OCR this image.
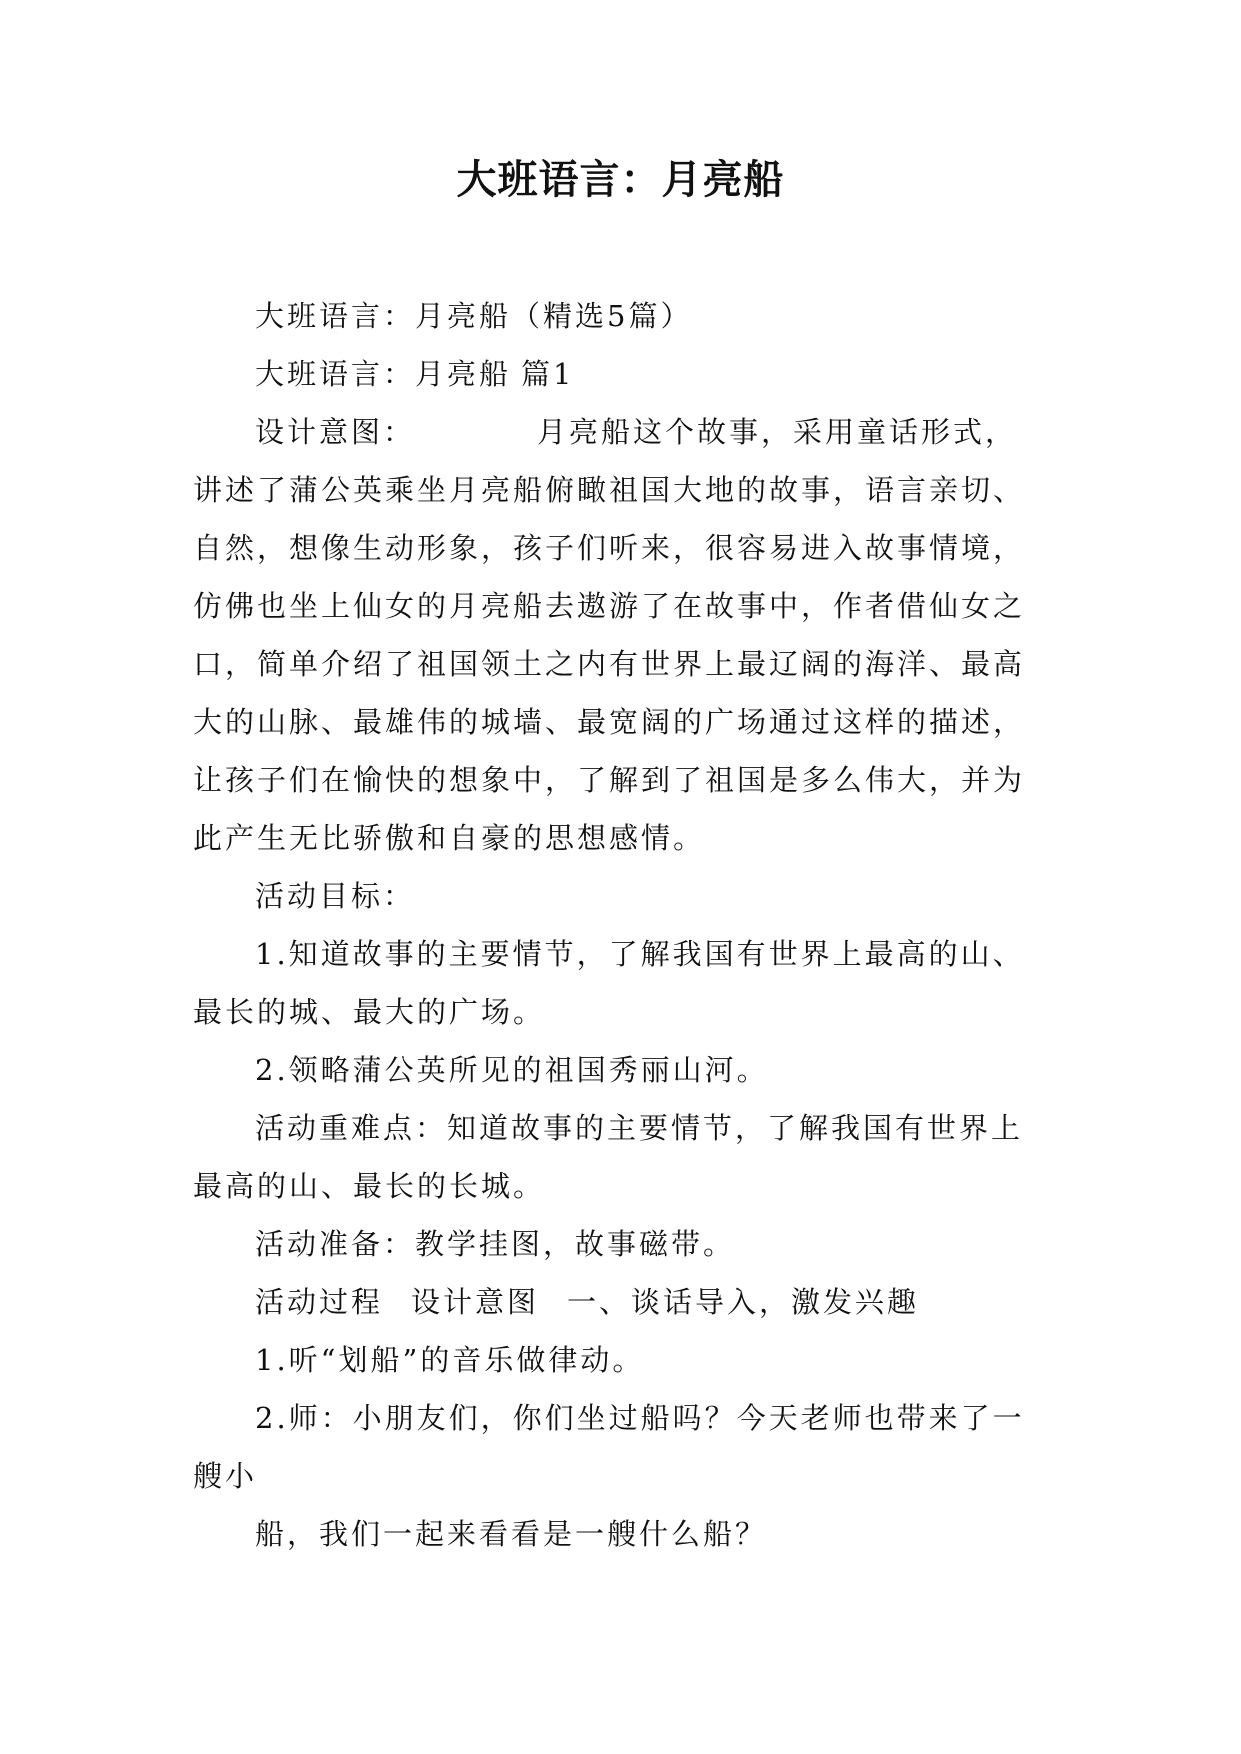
大班语言：月亮船

大班语言：月亮船（精选5篇）

大班语言：月亮船 篇1

设计意图：	月亮船这个故事，采用童话形式，

讲述了蒲公英乘坐月亮船俯瞰祖国大地的故事，语言亲切、

自然，想像生动形象，孩子们听来，很容易进入故事情境，

仿佛也坐上仙女的月亮船去遨游了在故事中，作者借仙女之

口，简单介绍了祖国领土之内有世界上最辽阔的海洋、最高

大的山脉、最雄伟的城墙、最宽阔的广场通过这样的描述，

让孩子们在愉快的想象中，了解到了祖国是多么伟大，并为

此产生无比骄傲和自豪的思想感情。

活动目标：

1.知道故事的主要情节，了解我国有世界上最高的山、

最长的城、最大的广场。

2.领略蒲公英所见的祖国秀丽山河。

活动重难点：知道故事的主要情节，了解我国有世界上

最高的山、最长的长城。

活动准备：教学挂图，故事磁带。

活动过程 设计意图 一、谈话导入，激发兴趣

1.听“划船”的音乐做律动。

2.师：小朋友们，你们坐过船吗？今天老师也带来了一

艘小

船，我们一起来看看是一艘什么船？
